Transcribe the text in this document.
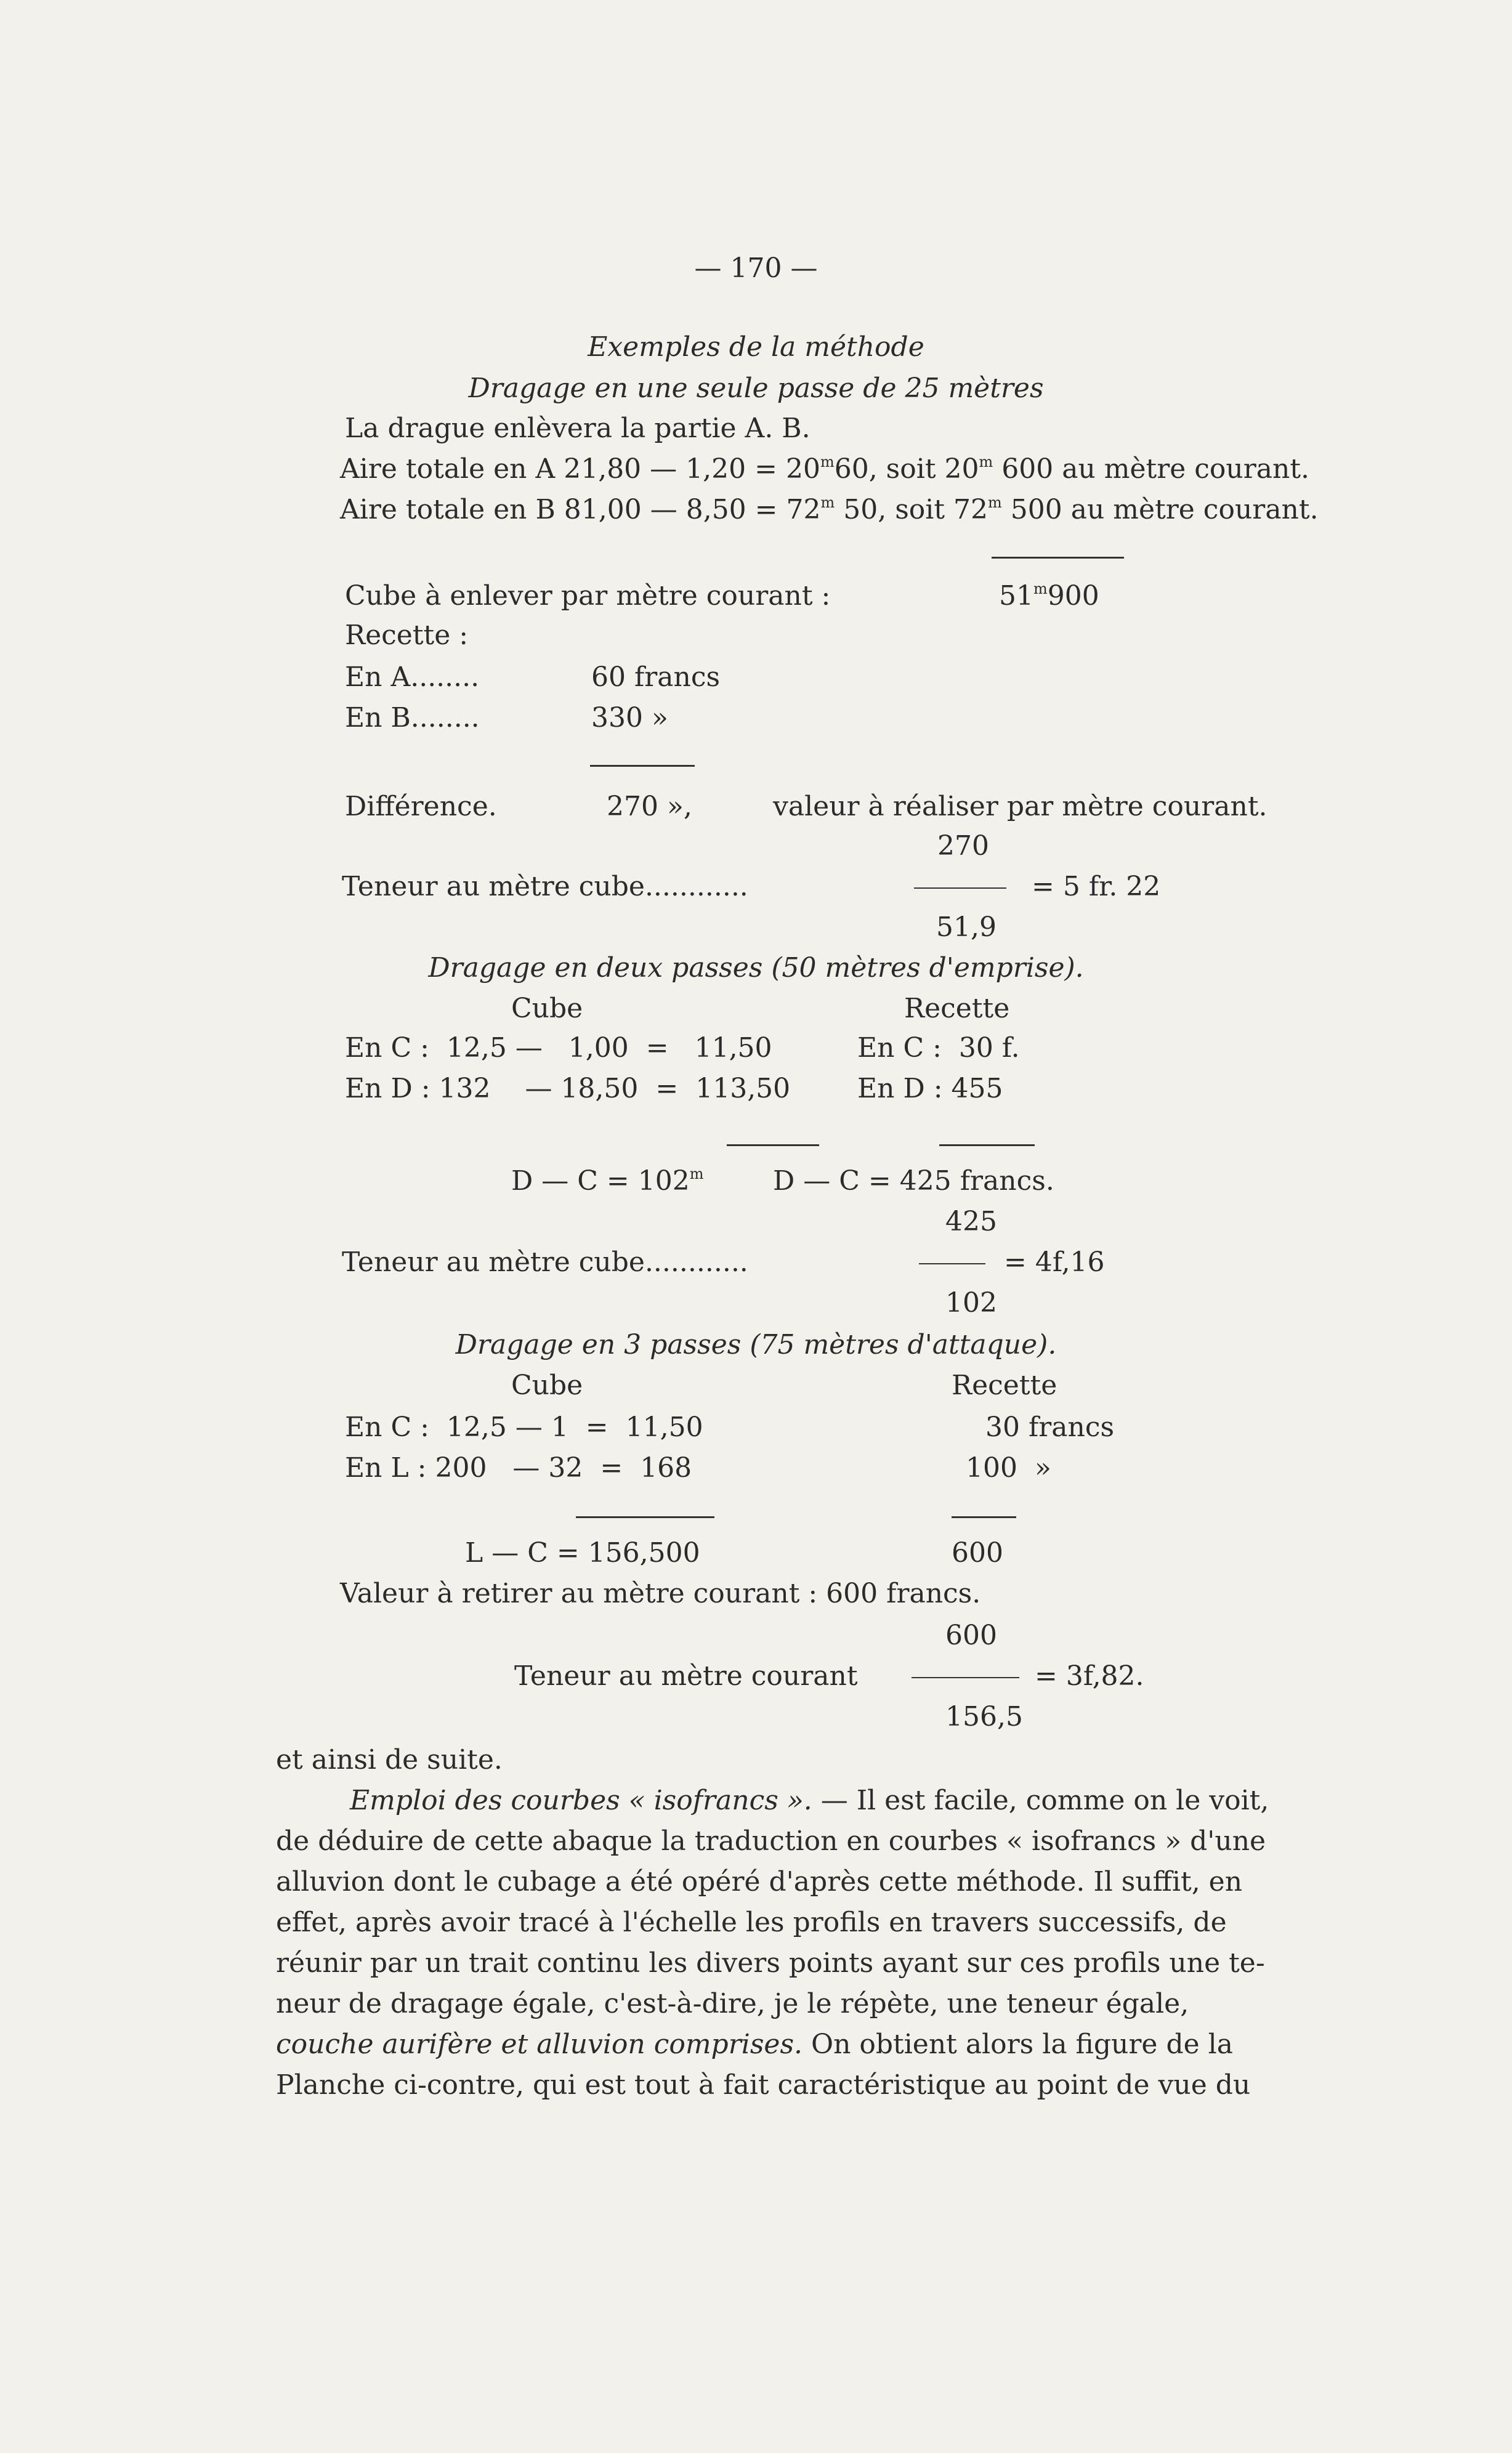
— 170 —
Exemples de la méthode
Dragage en une seule passe de 25 mètres
La drague enlèvera la partie A. B.
Aire totale en A 21,80 — $1,20 = 20^m60$, soit 20$^m$ 600 au mètre courant.
Aire totale en B 81,00 — $8,50 = 72^m$ 50, soit 72$^m$ 500 au mètre courant.
Cube à enlever par mètre courant :	51$^m$900
Recette :
En A........	60 francs
En B........	330 »
Différence.	270 »,	valeur à réaliser par mètre courant.
270
Teneur au mètre cube............	= 5 fr. 22
51,9
Dragage en deux passes (50 mètres d'emprise).
Cube	Recette
En C :  12,5 —   1,00  =   11,50	En C :  30 f.
En D : 132    — 18,50  =  113,50 En D : 455
D — $C = 102^m$	D — C = 425 francs.
425
Teneur au mètre cube............	= 4f,16
102
Dragage en 3 passes (75 mètres d'attaque).
Cube	Recette
En C :  12,5 — 1  =  11,50	30 francs
En L : 200   — 32  =  168	100  »
L — C = 156,500	600
Valeur à retirer au mètre courant : 600 francs.
600
Teneur au mètre courant	= 3f,82.
156,5
et ainsi de suite.
Emploi des courbes « isofrancs ». — Il est facile, comme on le voit,
de déduire de cette abaque la traduction en courbes « isofrancs » d'une
alluvion dont le cubage a été opéré d'après cette méthode. Il suffit, en
effet, après avoir tracé à l'échelle les profils en travers successifs, de
réunir par un trait continu les divers points ayant sur ces profils une te-
neur de dragage égale, c'est-à-dire, je le répète, une teneur égale,
couche aurifère et alluvion comprises. On obtient alors la figure de la
Planche ci-contre, qui est tout à fait caractéristique au point de vue du
